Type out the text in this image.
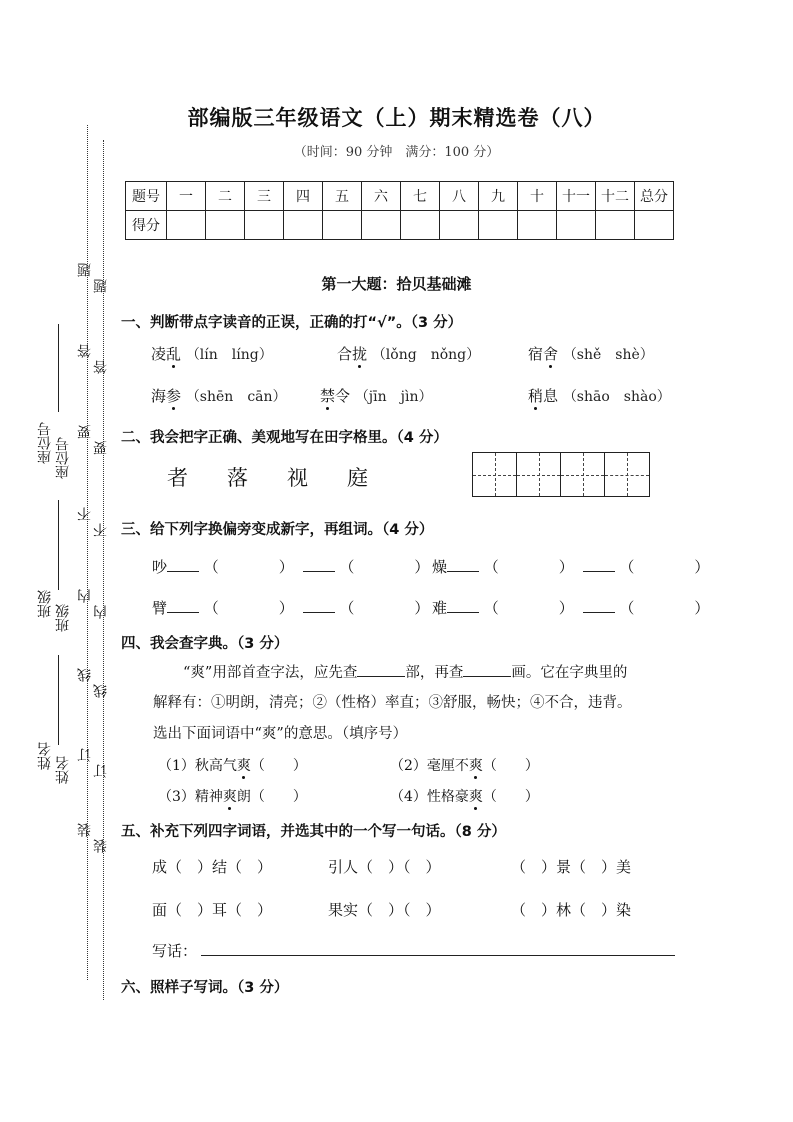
题
题
答
答
要
要
不
不
内
内
线
线
订
订
装
装
座位号 座位号
班级 班级
姓名 姓名
部编版三年级语文（上）期末精选卷（八）
（时间：90 分钟　满分：100 分）
题号	一	二	三	四	五	六	七	八	九	十	十一	十二	总分
得分													
第一大题：拾贝基础滩
一、判断带点字读音的正误，正确的打“√”。（3 分）
凌乱 （lín　líng）	合拢 （lǒng　nǒng）	宿舍 （shě　shè）
海参 （shēn　cān） 禁令 （jīn　jìn）	稍息 （shāo　shào）
二、我会把字正确、美观地写在田字格里。（4 分）
者 落 视 庭
三、给下列字换偏旁变成新字，再组词。（4 分）
吵 （　　　　）	（　　　　） 燥 （　　　　）	（　　　　）
臂 （　　　　）	（　　　　） 难 （　　　　）	（　　　　）
四、我会查字典。（3 分）
“爽”用部首查字法，应先查	部，再查	画。它在字典里的
解释有：①明朗，清亮；②（性格）率直；③舒服，畅快；④不合，违背。
选出下面词语中“爽”的意思。（填序号）
（1）秋高气爽（　　）	（2）毫厘不爽（　　）
（3）精神爽朗（　　）	（4）性格豪爽（　　）
五、补充下列四字词语，并选其中的一个写一句话。（8 分）
成（　）结（　）	引人（　）（　）	（　）景（　）美
面（　）耳（　）	果实（　）（　）	（　）林（　）染
写话：
六、照样子写词。（3 分）
